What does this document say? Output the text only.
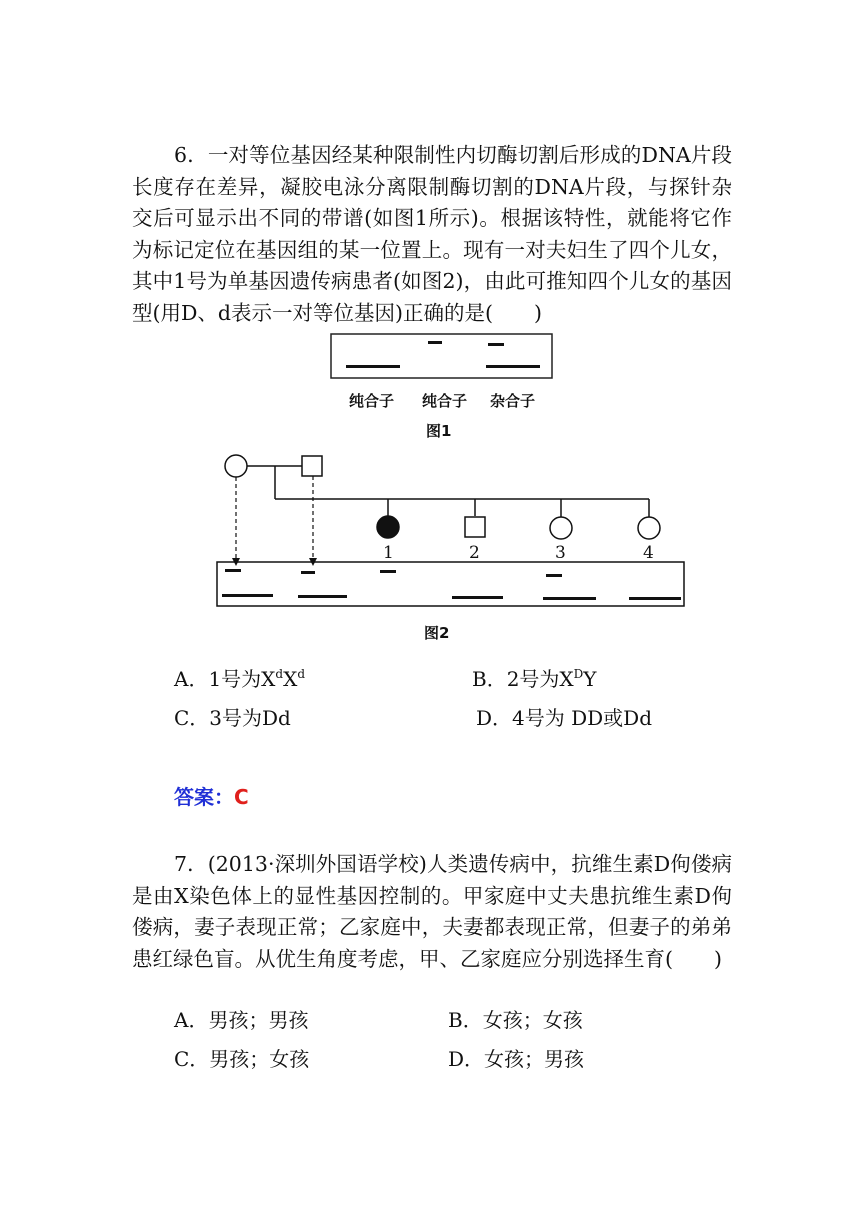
6．一对等位基因经某种限制性内切酶切割后形成的DNA片段长度存在差异，凝胶电泳分离限制酶切割的DNA片段，与探针杂交后可显示出不同的带谱(如图1所示)。根据该特性，就能将它作为标记定位在基因组的某一位置上。现有一对夫妇生了四个儿女，其中1号为单基因遗传病患者(如图2)，由此可推知四个儿女的基因型(用D、d表示一对等位基因)正确的是(　　)

1	2	3	4
纯合子 纯合子 杂合子
图1
图2
A．1号为$X^dX^d$	B．2号为$X^DY$
C．3号为Dd	D．4号为 DD或Dd
答案：C

7．(2013·深圳外国语学校)人类遗传病中，抗维生素D佝偻病是由X染色体上的显性基因控制的。甲家庭中丈夫患抗维生素D佝偻病，妻子表现正常；乙家庭中，夫妻都表现正常，但妻子的弟弟患红绿色盲。从优生角度考虑，甲、乙家庭应分别选择生育(　　)

A．男孩；男孩	B．女孩；女孩
C．男孩；女孩	D．女孩；男孩
